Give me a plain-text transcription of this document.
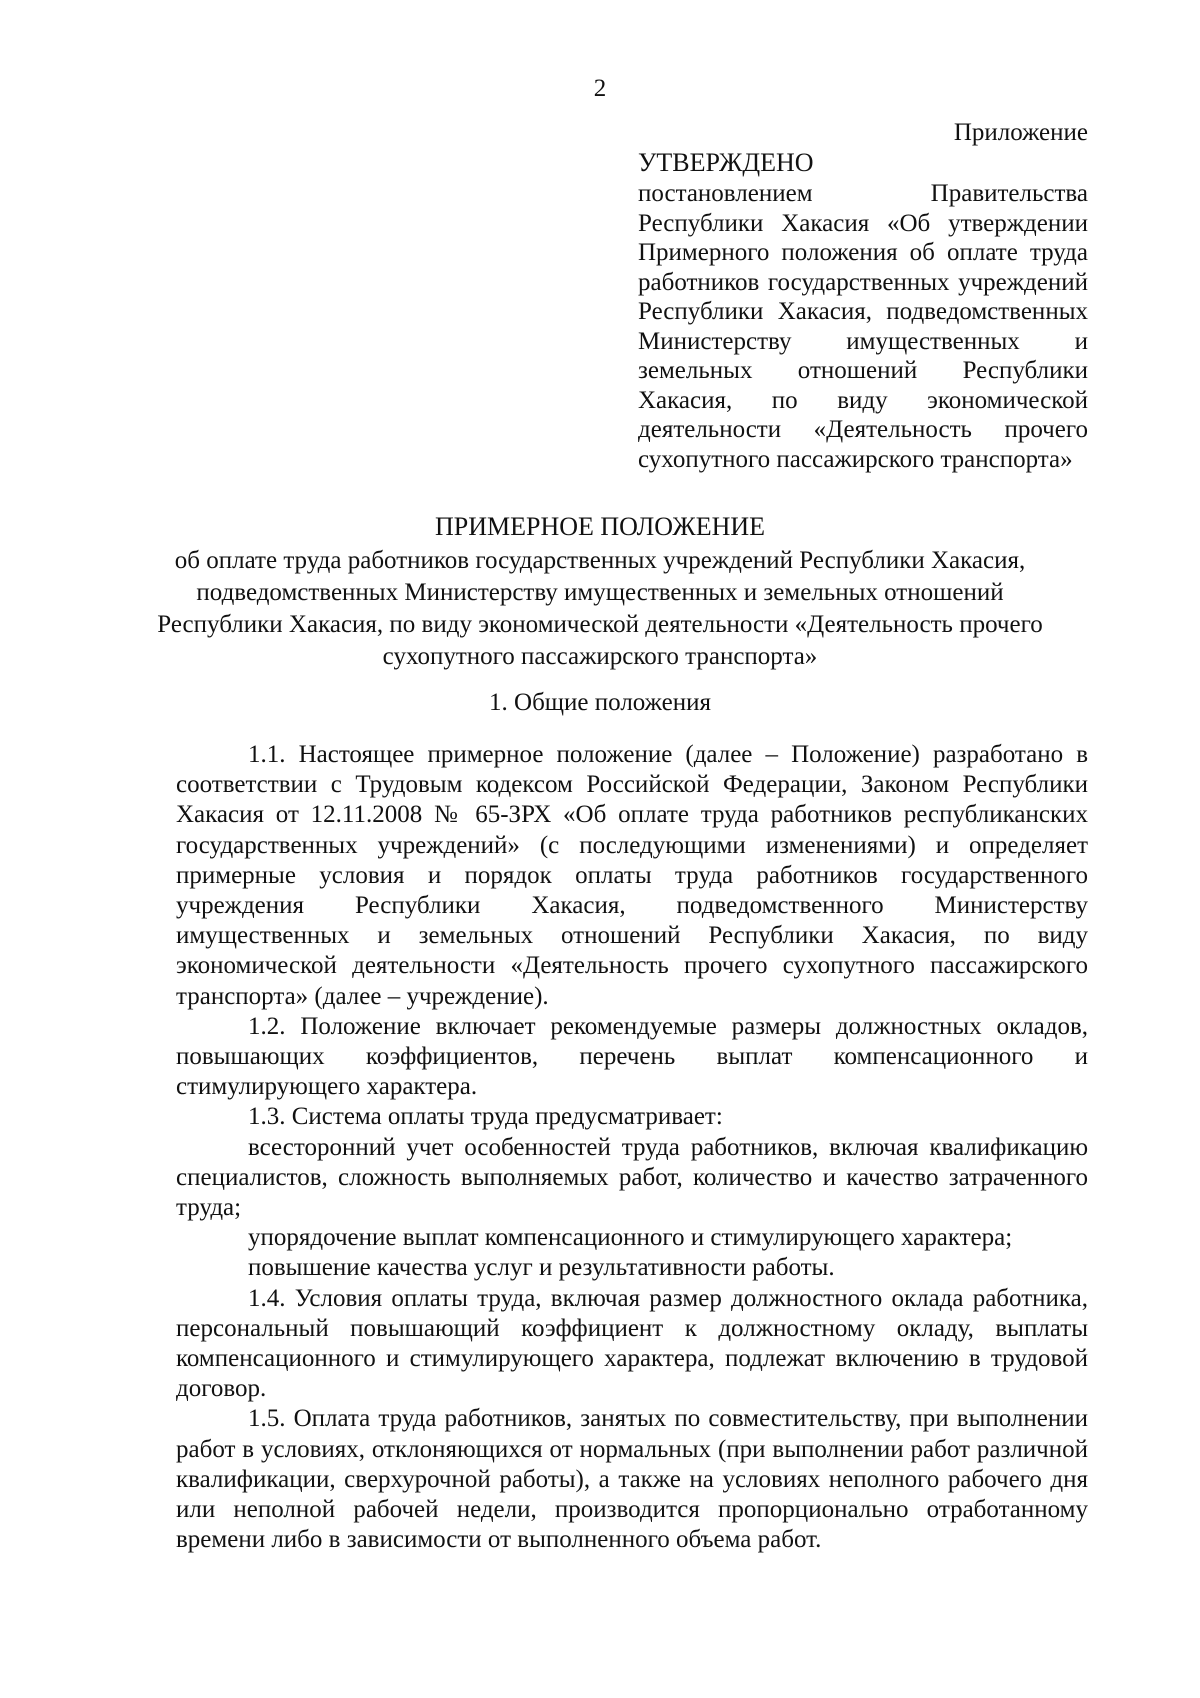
2
Приложение
УТВЕРЖДЕНО

постановлением Правительства Республики Хакасия «Об утверждении Примерного положения об оплате труда работников государственных учреждений Республики Хакасия, подведомственных Министерству имущественных и земельных отношений Республики Хакасия, по виду экономической деятельности «Деятельность прочего сухопутного пассажирского транспорта»

ПРИМЕРНОЕ ПОЛОЖЕНИЕ
об оплате труда работников государственных учреждений Республики Хакасия, подведомственных Министерству имущественных и земельных отношений Республики Хакасия, по виду экономической деятельности «Деятельность прочего сухопутного пассажирского транспорта»
1. Общие положения

1.1. Настоящее примерное положение (далее – Положение) разработано в соответствии с Трудовым кодексом Российской Федерации, Законом Республики Хакасия от 12.11.2008 № 65-ЗРХ «Об оплате труда работников республиканских государственных учреждений» (с последующими изменениями) и определяет примерные условия и порядок оплаты труда работников государственного учреждения Республики Хакасия, подведомственного Министерству имущественных и земельных отношений Республики Хакасия, по виду экономической деятельности «Деятельность прочего сухопутного пассажирского транспорта» (далее – учреждение).

1.2. Положение включает рекомендуемые размеры должностных окладов, повышающих коэффициентов, перечень выплат компенсационного и стимулирующего характера.

1.3. Система оплаты труда предусматривает:

всесторонний учет особенностей труда работников, включая квалификацию специалистов, сложность выполняемых работ, количество и качество затраченного труда;

упорядочение выплат компенсационного и стимулирующего характера;

повышение качества услуг и результативности работы.

1.4. Условия оплаты труда, включая размер должностного оклада работника, персональный повышающий коэффициент к должностному окладу, выплаты компенсационного и стимулирующего характера, подлежат включению в трудовой договор.

1.5. Оплата труда работников, занятых по совместительству, при выполнении работ в условиях, отклоняющихся от нормальных (при выполнении работ различной квалификации, сверхурочной работы), а также на условиях неполного рабочего дня или неполной рабочей недели, производится пропорционально отработанному времени либо в зависимости от выполненного объема работ.
